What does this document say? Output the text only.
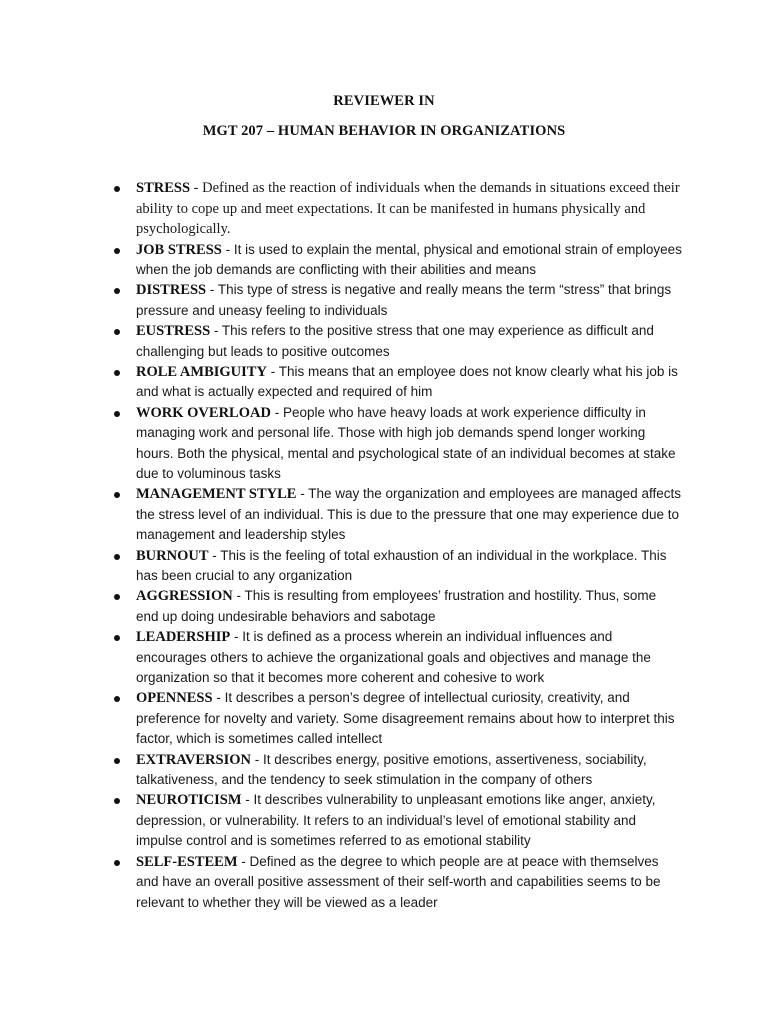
REVIEWER IN

MGT 207 – HUMAN BEHAVIOR IN ORGANIZATIONS

STRESS - Defined as the reaction of individuals when the demands in situations exceed their ability to cope up and meet expectations. It can be manifested in humans physically and psychologically.
JOB STRESS - It is used to explain the mental, physical and emotional strain of employees when the job demands are conflicting with their abilities and means
DISTRESS - This type of stress is negative and really means the term “stress” that brings pressure and uneasy feeling to individuals
EUSTRESS - This refers to the positive stress that one may experience as difficult and challenging but leads to positive outcomes
ROLE AMBIGUITY - This means that an employee does not know clearly what his job is and what is actually expected and required of him
WORK OVERLOAD - People who have heavy loads at work experience difficulty in managing work and personal life. Those with high job demands spend longer working hours. Both the physical, mental and psychological state of an individual becomes at stake due to voluminous tasks
MANAGEMENT STYLE - The way the organization and employees are managed affects the stress level of an individual. This is due to the pressure that one may experience due to management and leadership styles
BURNOUT - This is the feeling of total exhaustion of an individual in the workplace. This has been crucial to any organization
AGGRESSION - This is resulting from employees’ frustration and hostility. Thus, some end up doing undesirable behaviors and sabotage
LEADERSHIP - It is defined as a process wherein an individual influences and encourages others to achieve the organizational goals and objectives and manage the organization so that it becomes more coherent and cohesive to work
OPENNESS - It describes a person’s degree of intellectual curiosity, creativity, and preference for novelty and variety. Some disagreement remains about how to interpret this factor, which is sometimes called intellect
EXTRAVERSION - It describes energy, positive emotions, assertiveness, sociability, talkativeness, and the tendency to seek stimulation in the company of others
NEUROTICISM - It describes vulnerability to unpleasant emotions like anger, anxiety, depression, or vulnerability. It refers to an individual’s level of emotional stability and impulse control and is sometimes referred to as emotional stability
SELF-ESTEEM - Defined as the degree to which people are at peace with themselves and have an overall positive assessment of their self-worth and capabilities seems to be relevant to whether they will be viewed as a leader
